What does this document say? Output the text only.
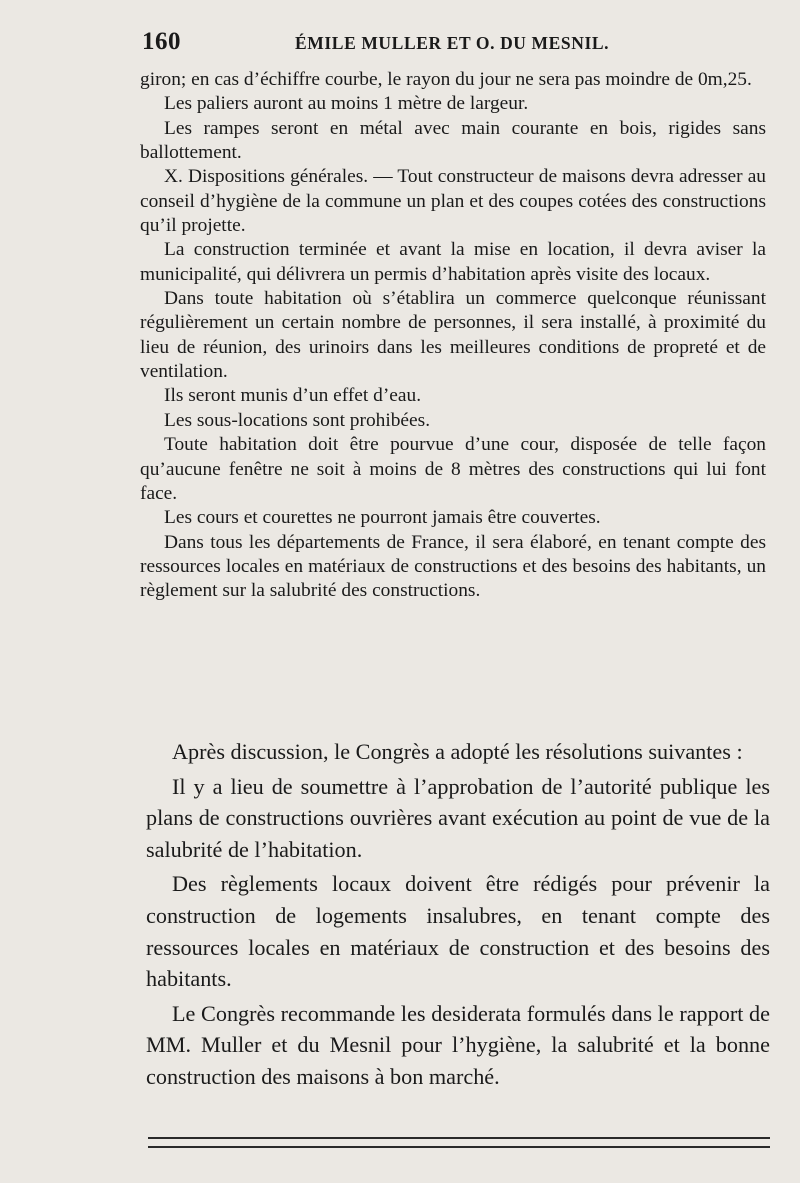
160	ÉMILE MULLER ET O. DU MESNIL.

giron; en cas d’échiffre courbe, le rayon du jour ne sera pas moindre de 0m,25.

Les paliers auront au moins 1 mètre de largeur.

Les rampes seront en métal avec main courante en bois, rigides sans ballottement.

X. Dispositions générales. — Tout constructeur de maisons devra adresser au conseil d’hygiène de la commune un plan et des coupes cotées des constructions qu’il projette.

La construction terminée et avant la mise en location, il devra aviser la municipalité, qui délivrera un permis d’habitation après visite des locaux.

Dans toute habitation où s’établira un commerce quelconque réunissant régulièrement un certain nombre de personnes, il sera installé, à proximité du lieu de réunion, des urinoirs dans les meilleures conditions de propreté et de ventilation.

Ils seront munis d’un effet d’eau.

Les sous-locations sont prohibées.

Toute habitation doit être pourvue d’une cour, disposée de telle façon qu’aucune fenêtre ne soit à moins de 8 mètres des constructions qui lui font face.

Les cours et courettes ne pourront jamais être couvertes.

Dans tous les départements de France, il sera élaboré, en tenant compte des ressources locales en matériaux de constructions et des besoins des habitants, un règlement sur la salubrité des constructions.

Après discussion, le Congrès a adopté les résolutions suivantes :

Il y a lieu de soumettre à l’approbation de l’autorité publique les plans de constructions ouvrières avant exécution au point de vue de la salubrité de l’habitation.

Des règlements locaux doivent être rédigés pour prévenir la construction de logements insalubres, en tenant compte des ressources locales en matériaux de construction et des besoins des habitants.

Le Congrès recommande les desiderata formulés dans le rapport de MM. Muller et du Mesnil pour l’hygiène, la salubrité et la bonne construction des maisons à bon marché.
